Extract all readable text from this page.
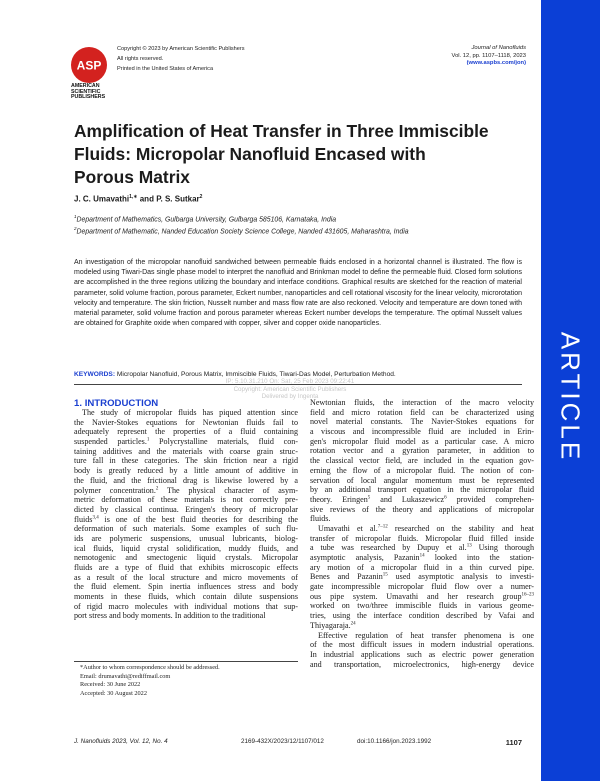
ARTICLE
ASP
AMERICAN
SCIENTIFIC
PUBLISHERS
Copyright © 2023 by American Scientific Publishers
All rights reserved.
Printed in the United States of America
Journal of Nanofluids
Vol. 12, pp. 1107–1118, 2023
(www.aspbs.com/jon)
Amplification of Heat Transfer in Three Immiscible
Fluids: Micropolar Nanofluid Encased with
Porous Matrix
J. C. Umavathi$^{1,∗}$ and P. S. Sutkar$^2$
$^1$Department of Mathematics, Gulbarga University, Gulbarga 585106, Karnataka, India
$^2$Department of Mathematic, Nanded Education Society Science College, Nanded 431605, Maharashtra, India
An investigation of the micropolar nanofluid sandwiched between permeable fluids enclosed in a horizontal channel is illustrated. The flow is modeled using Tiwari-Das single phase model to interpret the nanofluid and Brinkman model to define the permeable fluid. Closed form solutions are accomplished in the three regions utilizing the boundary and interface conditions. Graphical results are sketched for the reaction of material parameter, solid volume fraction, porous parameter, Eckert number, nanoparticles and cell rotational viscosity for the linear velocity, microrotation velocity and temperature. The skin friction, Nusselt number and mass flow rate are also reckoned. Velocity and temperature are down toned with material parameter, solid volume fraction and porous parameter whereas Eckert number develops the temperature. The optimal Nusselt values are obtained for Graphite oxide when compared with copper, silver and copper oxide nanoparticles.
KEYWORDS: Micropolar Nanofluid, Porous Matrix, Immiscible Fluids, Tiwari-Das Model, Perturbation Method.
IP: 5.10.31.210 On: Sat, 25 Feb 2023 09:22:41
Copyright: American Scientific Publishers
Delivered by Ingenta
1. INTRODUCTION
The study of micropolar fluids has piqued attention since
the Navier-Stokes equations for Newtonian fluids fail to
adequately represent the properties of a fluid containing
suspended particles.$^1$ Polycrystalline materials, fluid con-
taining additives and the materials with coarse grain struc-
ture fall in these categories. The skin friction near a rigid
body is greatly reduced by a little amount of additive in
the fluid, and the frictional drag is likewise lowered by a
polymer concentration.$^2$ The physical character of asym-
metric deformation of these materials is not correctly pre-
dicted by classical continua. Eringen's theory of micropolar
fluids$^{3,4}$ is one of the best fluid theories for describing the
deformation of such materials. Some examples of such flu-
ids are polymeric suspensions, unusual lubricants, biolog-
ical fluids, liquid crystal solidification, muddy fluids, and
nemotogenic and smectogenic liquid crystals. Micropolar
fluids are a type of fluid that exhibits microscopic effects
as a result of the local structure and micro movements of
the fluid element. Spin inertia influences stress and body
moments in these fluids, which contain dilute suspensions
of rigid macro molecules with individual motions that sup-
port stress and body moments. In addition to the traditional
Newtonian fluids, the interaction of the macro velocity
field and micro rotation field can be characterized using
novel material constants. The Navier-Stokes equations for
a viscous and incompressible fluid are included in Erin-
gen's micropolar fluid model as a particular case. A micro
rotation vector and a gyration parameter, in addition to
the classical vector field, are included in the equation gov-
erning the flow of a micropolar fluid. The notion of con-
servation of local angular momentum must be represented
by an additional transport equation in the micropolar fluid
theory. Eringen$^5$ and Lukaszewicz$^6$ provided comprehen-
sive reviews of the theory and applications of micropolar
fluids.
Umavathi et al.$^{7-12}$ researched on the stability and heat
transfer of micropolar fluids. Micropolar fluid filled inside
a tube was researched by Dupuy et al.$^{13}$ Using thorough
asymptotic analysis, Pazanin$^{14}$ looked into the station-
ary motion of a micropolar fluid in a thin curved pipe.
Benes and Pazanin$^{15}$ used asymptotic analysis to investi-
gate incompressible micropolar fluid flow over a numer-
ous pipe system. Umavathi and her research group$^{16-23}$
worked on two/three immiscible fluids in various geome-
tries, using the interface condition described by Vafai and
Thiyagaraja.$^{24}$
Effective regulation of heat transfer phenomena is one
of the most difficult issues in modern industrial operations.
In industrial applications such as electric power generation
and transportation, microelectronics, high-energy device
*Author to whom correspondence should be addressed.
Email: drumavathi@rediffmail.com
Received: 30 June 2022
Accepted: 30 August 2022
J. Nanofluids 2023, Vol. 12, No. 4	2169-432X/2023/12/1107/012	doi:10.1166/jon.2023.1992	1107
